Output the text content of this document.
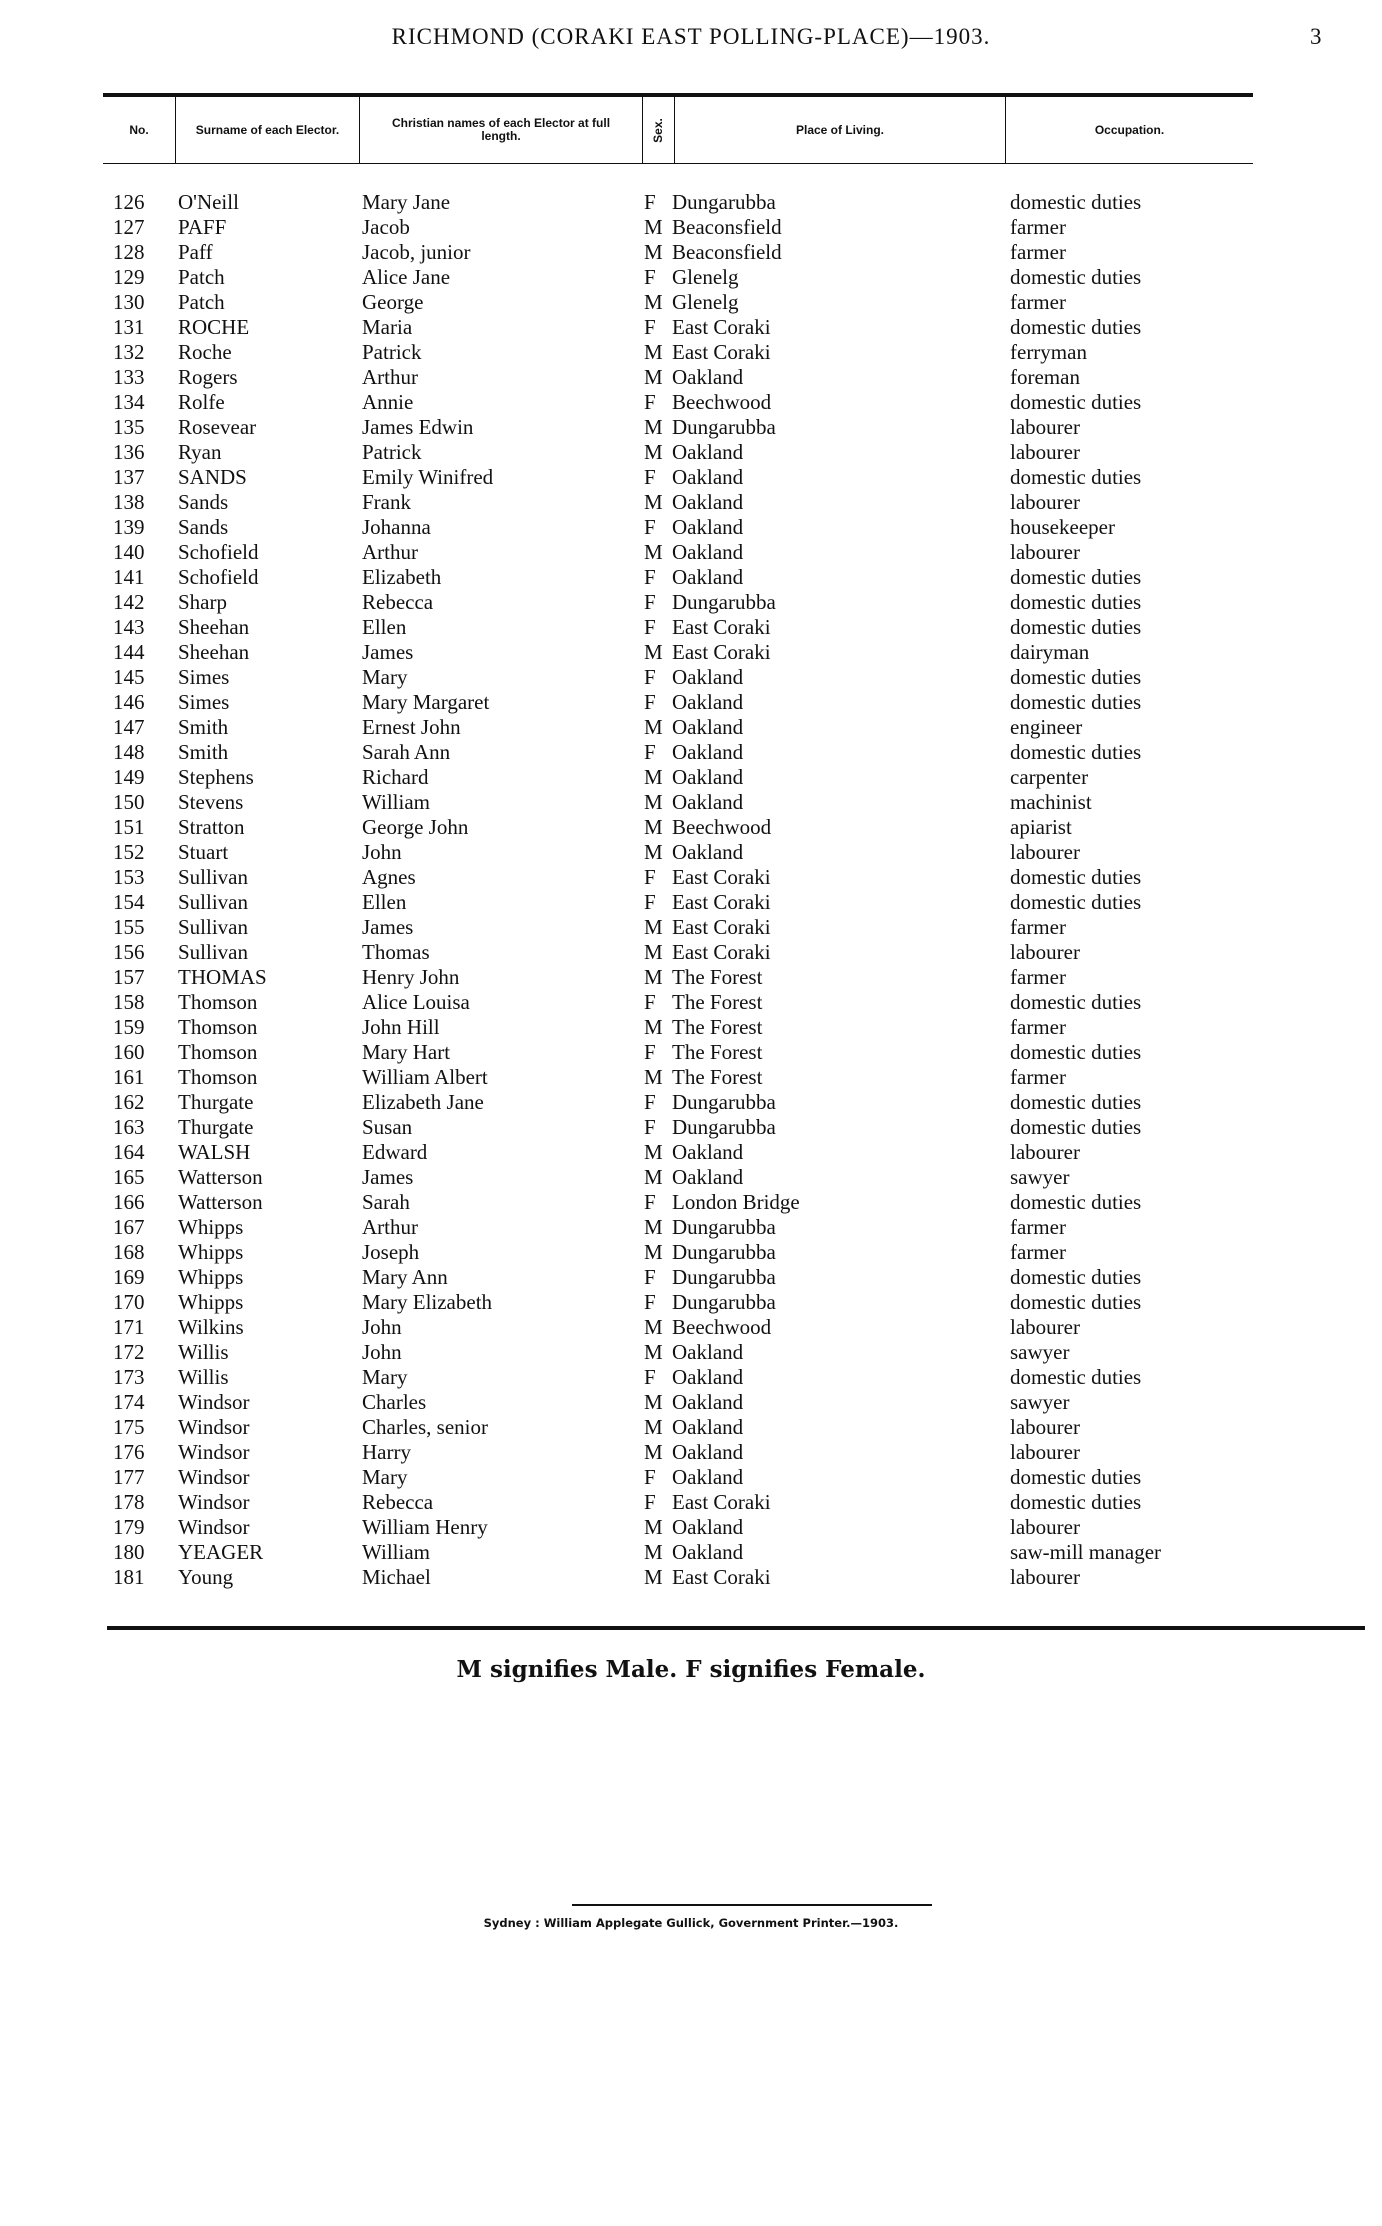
RICHMOND (CORAKI EAST POLLING-PLACE)—1903.	3
No.	Surname of each Elector.	Christian names of each Elector at full length.	Sex.	Place of Living.	Occupation.
126 O'Neill	Mary Jane	F Dungarubba	domestic duties
127 PAFF	Jacob	M Beaconsfield	farmer
128 Paff	Jacob, junior	M Beaconsfield	farmer
129 Patch	Alice Jane	F Glenelg	domestic duties
130 Patch	George	M Glenelg	farmer
131 ROCHE	Maria	F East Coraki	domestic duties
132 Roche	Patrick	M East Coraki	ferryman
133 Rogers	Arthur	M Oakland	foreman
134 Rolfe	Annie	F Beechwood	domestic duties
135 Rosevear	James Edwin	M Dungarubba	labourer
136 Ryan	Patrick	M Oakland	labourer
137 SANDS	Emily Winifred	F Oakland	domestic duties
138 Sands	Frank	M Oakland	labourer
139 Sands	Johanna	F Oakland	housekeeper
140 Schofield	Arthur	M Oakland	labourer
141 Schofield	Elizabeth	F Oakland	domestic duties
142 Sharp	Rebecca	F Dungarubba	domestic duties
143 Sheehan	Ellen	F East Coraki	domestic duties
144 Sheehan	James	M East Coraki	dairyman
145 Simes	Mary	F Oakland	domestic duties
146 Simes	Mary Margaret	F Oakland	domestic duties
147 Smith	Ernest John	M Oakland	engineer
148 Smith	Sarah Ann	F Oakland	domestic duties
149 Stephens	Richard	M Oakland	carpenter
150 Stevens	William	M Oakland	machinist
151 Stratton	George John	M Beechwood	apiarist
152 Stuart	John	M Oakland	labourer
153 Sullivan	Agnes	F East Coraki	domestic duties
154 Sullivan	Ellen	F East Coraki	domestic duties
155 Sullivan	James	M East Coraki	farmer
156 Sullivan	Thomas	M East Coraki	labourer
157 THOMAS	Henry John	M The Forest	farmer
158 Thomson	Alice Louisa	F The Forest	domestic duties
159 Thomson	John Hill	M The Forest	farmer
160 Thomson	Mary Hart	F The Forest	domestic duties
161 Thomson	William Albert	M The Forest	farmer
162 Thurgate	Elizabeth Jane	F Dungarubba	domestic duties
163 Thurgate	Susan	F Dungarubba	domestic duties
164 WALSH	Edward	M Oakland	labourer
165 Watterson	James	M Oakland	sawyer
166 Watterson	Sarah	F London Bridge	domestic duties
167 Whipps	Arthur	M Dungarubba	farmer
168 Whipps	Joseph	M Dungarubba	farmer
169 Whipps	Mary Ann	F Dungarubba	domestic duties
170 Whipps	Mary Elizabeth	F Dungarubba	domestic duties
171 Wilkins	John	M Beechwood	labourer
172 Willis	John	M Oakland	sawyer
173 Willis	Mary	F Oakland	domestic duties
174 Windsor	Charles	M Oakland	sawyer
175 Windsor	Charles, senior	M Oakland	labourer
176 Windsor	Harry	M Oakland	labourer
177 Windsor	Mary	F Oakland	domestic duties
178 Windsor	Rebecca	F East Coraki	domestic duties
179 Windsor	William Henry	M Oakland	labourer
180 YEAGER	William	M Oakland	saw-mill manager
181 Young	Michael	M East Coraki	labourer
M signifies Male. F signifies Female.
Sydney : William Applegate Gullick, Government Printer.—1903.
